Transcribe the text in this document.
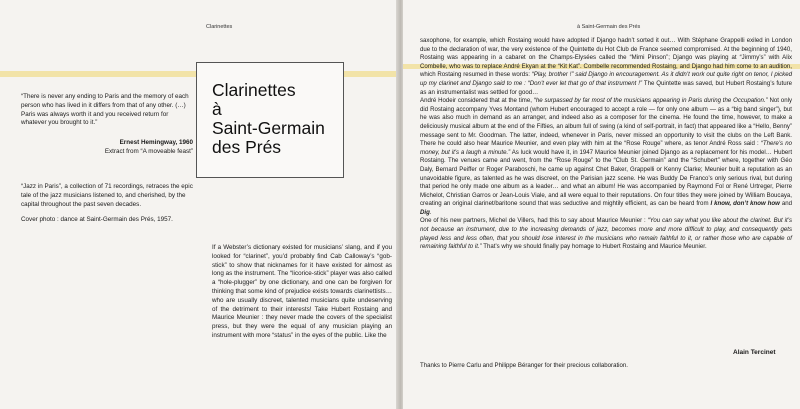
Clarinettes
“There is never any ending to Paris and the memory of each person who has lived in it differs from that of any other. (…) Paris was always worth it and you received return for whatever you brought to it.”
Ernest Hemingway, 1960
Extract from “A moveable feast”
“Jazz in Paris”, a collection of 71 recordings, retraces the epic tale of the jazz musicians listened to, and cherished, by the capital throughout the past seven decades.
Cover photo : dance at Saint-Germain des Prés, 1957.
Clarinettes
à
Saint-Germain
des Prés
If a Webster’s dictionary existed for musicians’ slang, and if you looked for “clarinet”, you’d probably find Cab Calloway’s “gob-stick” to show that nicknames for it have existed for almost as long as the instrument. The “licorice-stick” player was also called a “hole-plugger” by one dictionary, and one can be forgiven for thinking that some kind of prejudice exists towards clarinettists… who are usually discreet, talented musicians quite undeserving of the detriment to their interests! Take Hubert Rostaing and Maurice Meunier : they never made the covers of the specialist press, but they were the equal of any musician playing an instrument with more “status” in the eyes of the public. Like the
à Saint-Germain des Prés
saxophone, for example, which Rostaing would have adopted if Django hadn’t sorted it out… With Stéphane Grappelli exiled in London due to the declaration of war, the very existence of the Quintette du Hot Club de France seemed compromised. At the beginning of 1940, Rostaing was appearing in a cabaret on the Champs-Elysées called the “Mimi Pinson”; Django was playing at “Jimmy’s” with Alix Combelle, who was to replace André Ekyan at the “Kit Kat”. Combelle recommended Rostaing, and Django had him come to an audition, which Rostaing resumed in these words: “Play, brother !” said Django in encouragement. As it didn’t work out quite right on tenor, I picked up my clarinet and Django said to me : “Don’t ever let that go of that instrument !” The Quintette was saved, but Hubert Rostaing’s future as an instrumentalist was settled for good…
André Hodeir considered that at the time, “he surpassed by far most of the musicians appearing in Paris during the Occupation.” Not only did Rostaing accompany Yves Montand (whom Hubert encouraged to accept a role — for only one album — as a “big band singer”), but he was also much in demand as an arranger, and indeed also as a composer for the cinema. He found the time, however, to make a deliciously musical album at the end of the Fifties, an album full of swing (a kind of self-portrait, in fact) that appeared like a “Hello, Benny” message sent to Mr. Goodman. The latter, indeed, whenever in Paris, never missed an opportunity to visit the clubs on the Left Bank. There he could also hear Maurice Meunier, and even play with him at the “Rose Rouge” where, as tenor André Ross said : “There’s no money, but it’s a laugh a minute.” As luck would have it, in 1947 Maurice Meunier joined Django as a replacement for his model… Hubert Rostaing. The venues came and went, from the “Rose Rouge” to the “Club St. Germain” and the “Schubert” where, together with Géo Daly, Bernard Peiffer or Roger Paraboschi, he came up against Chet Baker, Grappelli or Kenny Clarke; Meunier built a reputation as an unavoidable figure, as talented as he was discreet, on the Parisian jazz scene. He was Buddy De Franco’s only serious rival, but during that period he only made one album as a leader… and what an album! He was accompanied by Raymond Fol or René Urtreger, Pierre Michelot, Christian Garros or Jean-Louis Viale, and all were equal to their reputations. On four titles they were joined by William Boucaya, creating an original clarinet/baritone sound that was seductive and mightily efficient, as can be heard from I know, don’t know how and Dig.
One of his new partners, Michel de Villers, had this to say about Maurice Meunier : “You can say what you like about the clarinet. But it’s not because an instrument, due to the increasing demands of jazz, becomes more and more difficult to play, and consequently gets played less and less often, that you should lose interest in the musicians who remain faithful to it, or rather those who are capable of remaining faithful to it.” That’s why we should finally pay homage to Hubert Rostaing and Maurice Meunier.
Alain Tercinet
Thanks to Pierre Carlu and Philippe Béranger for their precious collaboration.
